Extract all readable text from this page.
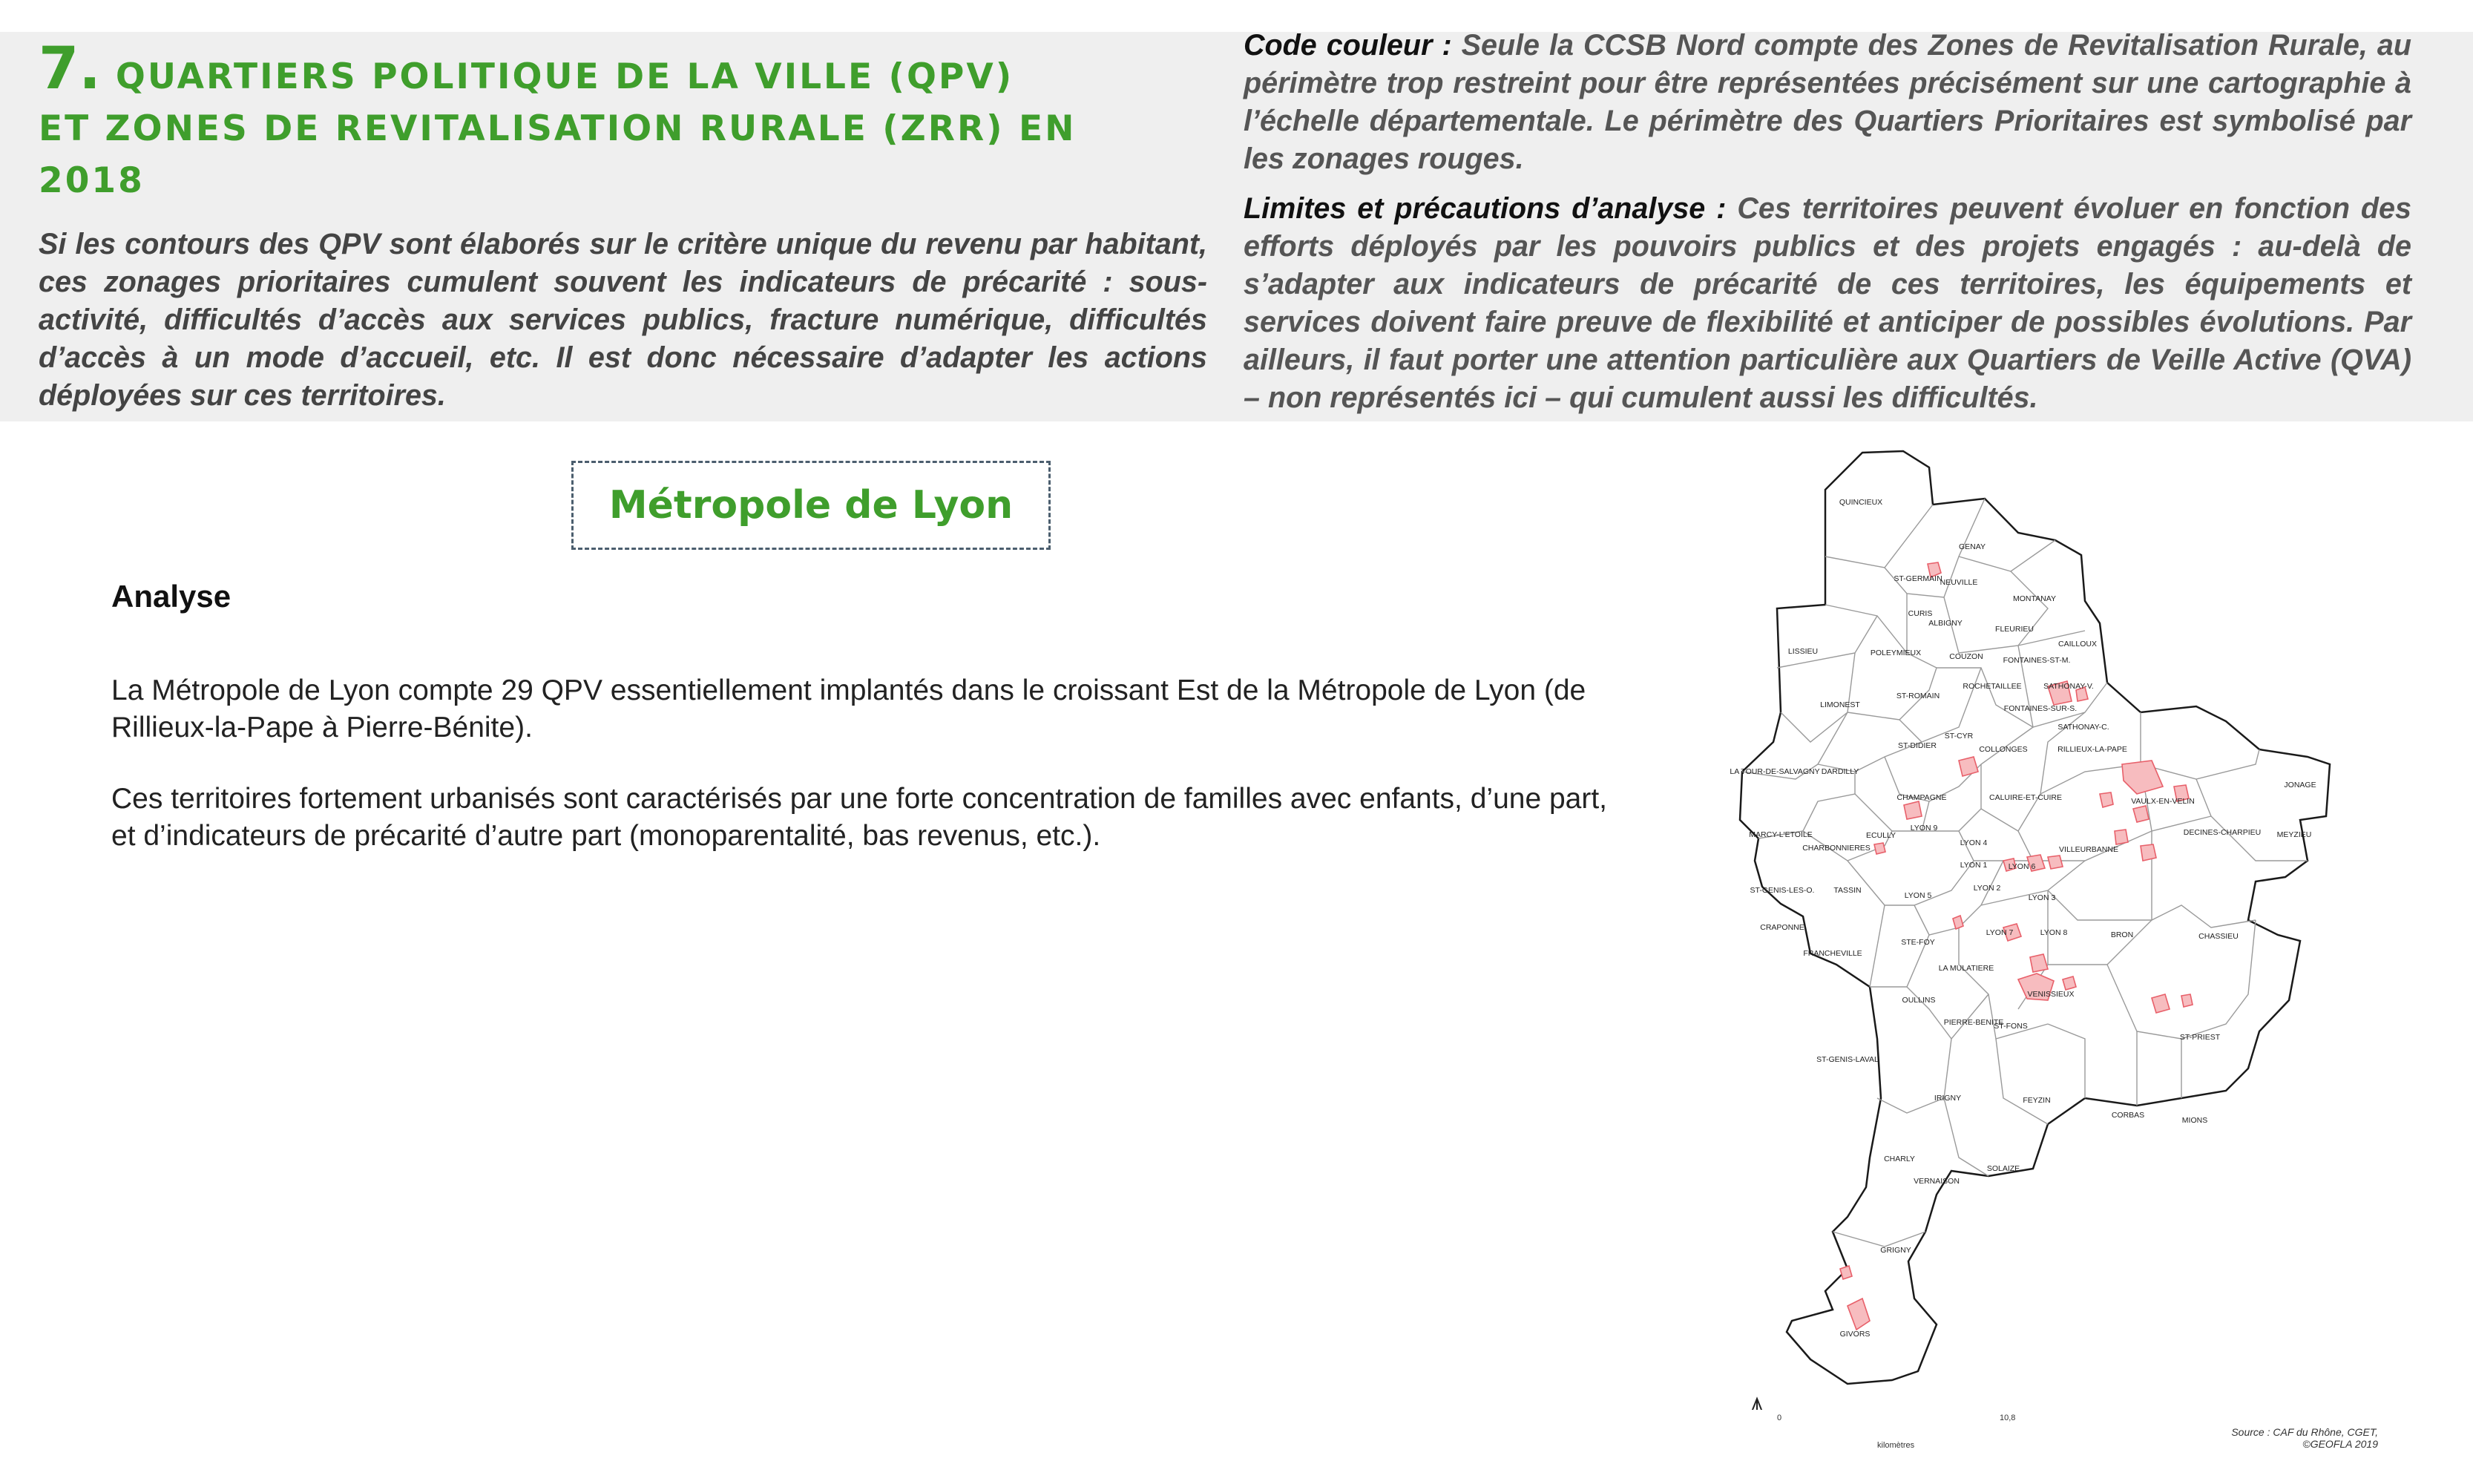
7. QUARTIERS POLITIQUE DE LA VILLE (QPV)
ET ZONES DE REVITALISATION RURALE (ZRR) EN
2018

Si les contours des QPV sont élaborés sur le critère unique du revenu par habitant, ces zonages prioritaires cumulent souvent les indicateurs de précarité : sous-activité, difficultés d’accès aux services publics, fracture numérique, difficultés d’accès à un mode d’accueil, etc. Il est donc nécessaire d’adapter les actions déployées sur ces territoires.

Code couleur : Seule la CCSB Nord compte des Zones de Revitalisation Rurale, au périmètre trop restreint pour être représentées précisément sur une cartographie à l’échelle départementale. Le périmètre des Quartiers Prioritaires est symbolisé par les zonages rouges.

Limites et précautions d’analyse : Ces territoires peuvent évoluer en fonction des efforts déployés par les pouvoirs publics et des projets engagés : au-delà de s’adapter aux indicateurs de précarité de ces territoires, les équipements et services doivent faire preuve de flexibilité et anticiper de possibles évolutions. Par ailleurs, il faut porter une attention particulière aux Quartiers de Veille Active (QVA) – non représentés ici – qui cumulent aussi les difficultés.

Métropole de Lyon
Analyse

La Métropole de Lyon compte 29 QPV essentiellement implantés dans le croissant Est de la Métropole de Lyon (de Rillieux-la-Pape à Pierre-Bénite).

Ces territoires fortement urbanisés sont caractérisés par une forte concentration de familles avec enfants, d’une part, et d’indicateurs de précarité d’autre part (monoparentalité, bas revenus, etc.).

QUINCIEUX
GENAY
ST-GERMAIN
NEUVILLE
MONTANAY
CURIS
ALBIGNY
FLEURIEU
CAILLOUX
LISSIEU	POLEYMIEUX	COUZON	FONTAINES-ST-M.
SATHONAY-V.
ROCHETAILLEE
ST-ROMAIN
FONTAINES-SUR-S.
LIMONEST
ST-CYR
ST-DIDIER
SATHONAY-C.
RILLIEUX-LA-PAPE
COLLONGES
LA TOUR-DE-SALVAGNY DARDILLY
CHAMPAGNE	CALUIRE-ET-CUIRE	VAULX-EN-VELIN
JONAGE
DECINES-CHARPIEU MEYZIEU
MARCY-L'ETOILE
CHARBONNIERES
ECULLY
LYON 9
LYON 4
VILLEURBANNE
LYON 1	LYON 6
ST-GENIS-LES-O. TASSIN
LYON 5
LYON 2
LYON 3
CRAPONNE
STE-FOY
LYON 7	LYON 8	BRON	CHASSIEU
FRANCHEVILLE
LA MULATIERE
OULLINS
VENISSIEUX
PIERRE-BENITE
ST-FONS
ST-PRIEST
ST-GENIS-LAVAL
IRIGNY	FEYZIN
CORBAS
MIONS
CHARLY
VERNAISON
SOLAIZE
GRIGNY
GIVORS
0	10,8
kilomètres
Source : CAF du Rhône, CGET,
©GEOFLA 2019
